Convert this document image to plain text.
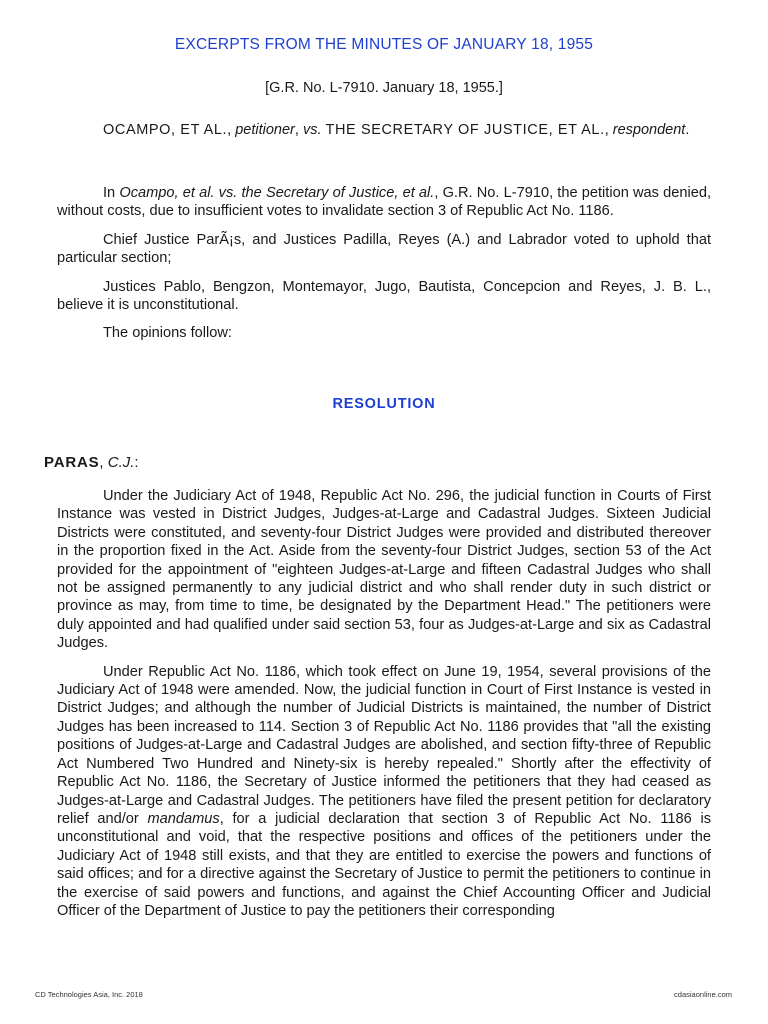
EXCERPTS FROM THE MINUTES OF JANUARY 18, 1955
[G.R. No. L-7910. January 18, 1955.]
OCAMPO, ET AL., petitioner, vs. THE SECRETARY OF JUSTICE, ET AL., respondent.

In Ocampo, et al. vs. the Secretary of Justice, et al., G.R. No. L-7910, the petition was denied, without costs, due to insufficient votes to invalidate section 3 of Republic Act No. 1186.

Chief Justice ParÃ¡s, and Justices Padilla, Reyes (A.) and Labrador voted to uphold that particular section;

Justices Pablo, Bengzon, Montemayor, Jugo, Bautista, Concepcion and Reyes, J. B. L., believe it is unconstitutional.

The opinions follow:

RESOLUTION
PARAS, C.J.:

Under the Judiciary Act of 1948, Republic Act No. 296, the judicial function in Courts of First Instance was vested in District Judges, Judges-at-Large and Cadastral Judges. Sixteen Judicial Districts were constituted, and seventy-four District Judges were provided and distributed thereover in the proportion fixed in the Act. Aside from the seventy-four District Judges, section 53 of the Act provided for the appointment of "eighteen Judges-at-Large and fifteen Cadastral Judges who shall not be assigned permanently to any judicial district and who shall render duty in such district or province as may, from time to time, be designated by the Department Head." The petitioners were duly appointed and had qualified under said section 53, four as Judges-at-Large and six as Cadastral Judges.

Under Republic Act No. 1186, which took effect on June 19, 1954, several provisions of the Judiciary Act of 1948 were amended. Now, the judicial function in Court of First Instance is vested in District Judges; and although the number of Judicial Districts is maintained, the number of District Judges has been increased to 114. Section 3 of Republic Act No. 1186 provides that "all the existing positions of Judges-at-Large and Cadastral Judges are abolished, and section fifty-three of Republic Act Numbered Two Hundred and Ninety-six is hereby repealed." Shortly after the effectivity of Republic Act No. 1186, the Secretary of Justice informed the petitioners that they had ceased as Judges-at-Large and Cadastral Judges. The petitioners have filed the present petition for declaratory relief and/or mandamus, for a judicial declaration that section 3 of Republic Act No. 1186 is unconstitutional and void, that the respective positions and offices of the petitioners under the Judiciary Act of 1948 still exists, and that they are entitled to exercise the powers and functions of said offices; and for a directive against the Secretary of Justice to permit the petitioners to continue in the exercise of said powers and functions, and against the Chief Accounting Officer and Judicial Officer of the Department of Justice to pay the petitioners their corresponding

CD Technologies Asia, Inc. 2018	cdasiaonline.com
